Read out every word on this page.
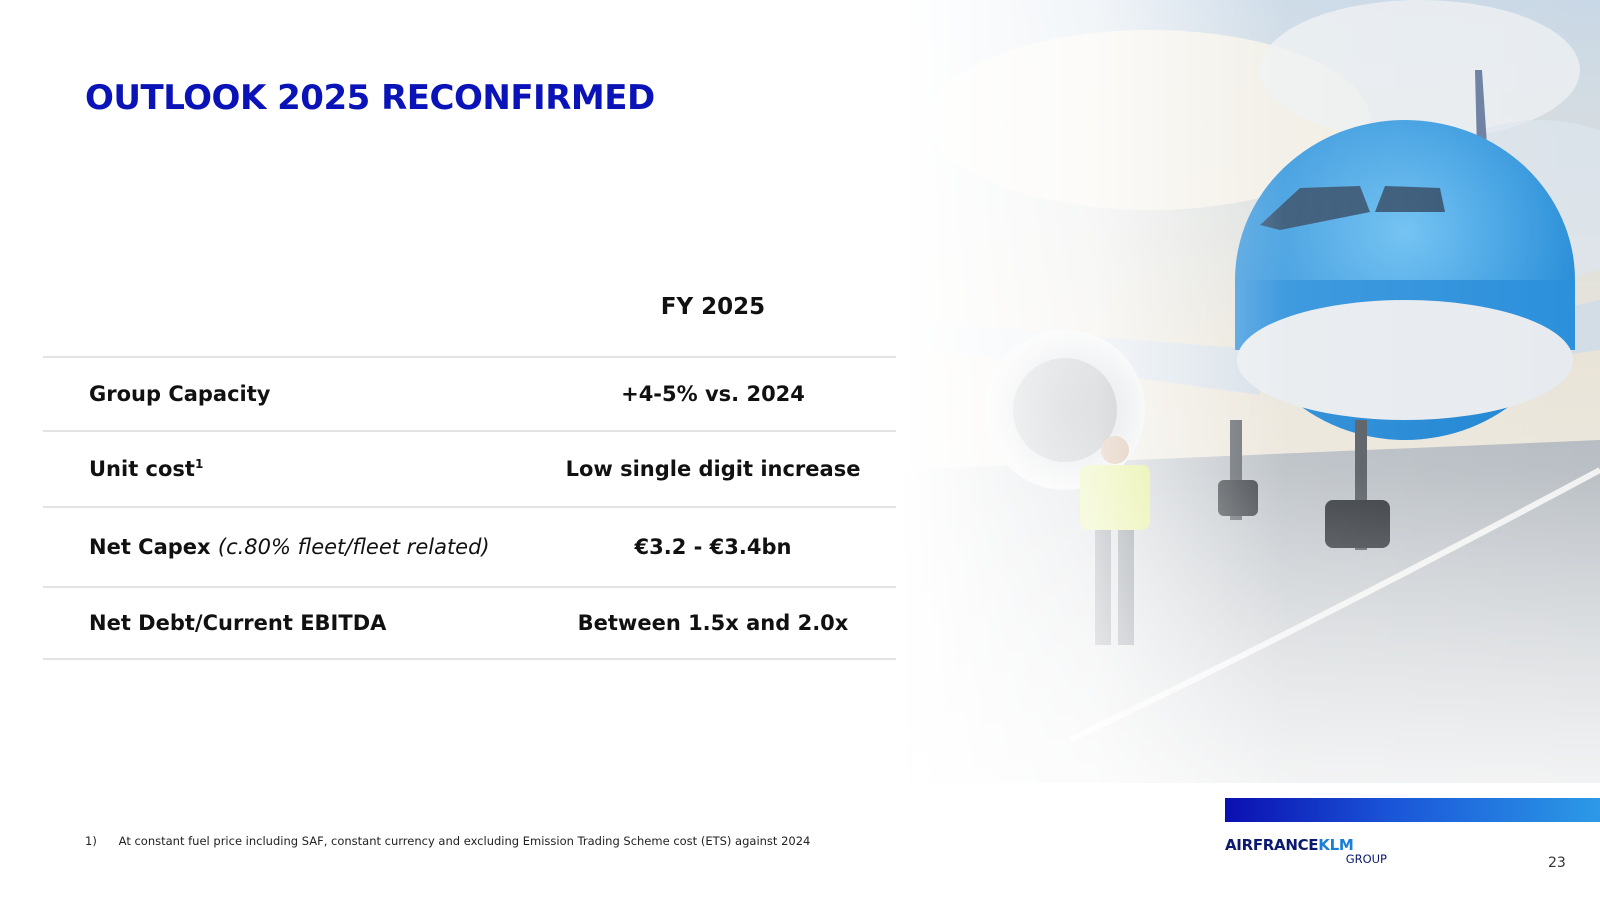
OUTLOOK 2025 RECONFIRMED
FY 2025
Group Capacity	+4-5% vs. 2024
Unit cost$^1$	Low single digit increase
Net Capex (c.80% fleet/fleet related)	€3.2 - €3.4bn
Net Debt/Current EBITDA	Between 1.5x and 2.0x
1) At constant fuel price including SAF, constant currency and excluding Emission Trading Scheme cost (ETS) against 2024	AIRFRANCEKLM
GROUP	23
